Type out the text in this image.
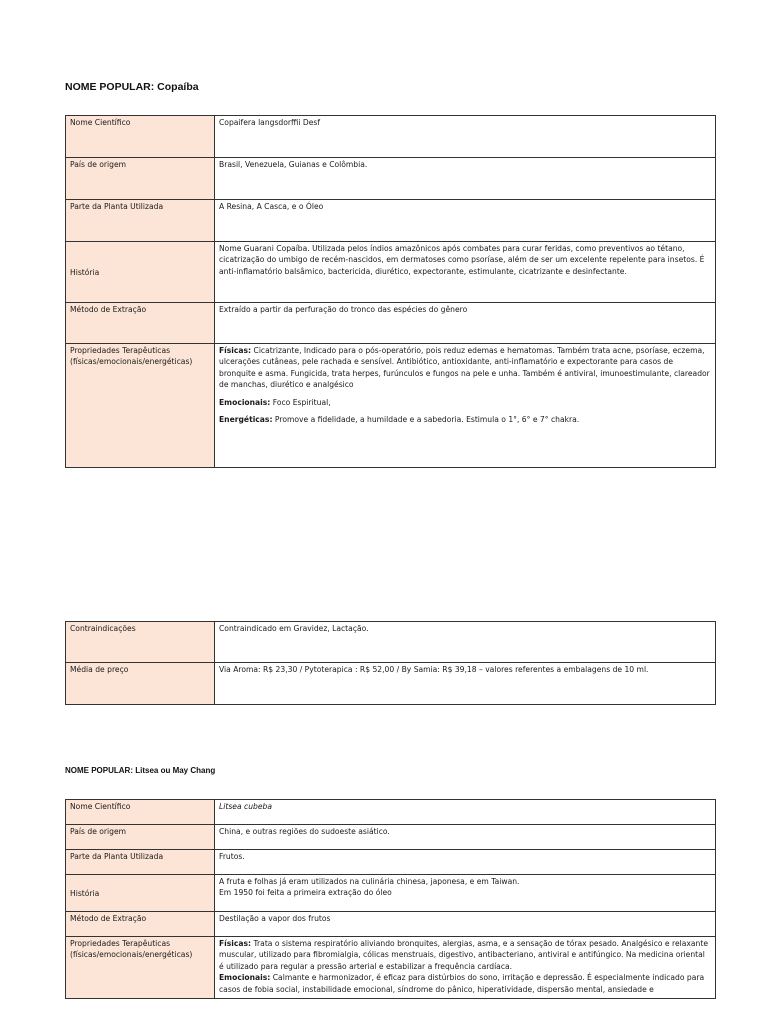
NOME POPULAR: Copaíba
Nome Científico	Copaifera langsdorffii Desf
País de origem	Brasil, Venezuela, Guianas e Colômbia.
Parte da Planta Utilizada	A Resina, A Casca, e o Óleo
História	Nome Guarani Copaíba. Utilizada pelos índios amazônicos após combates para curar feridas, como preventivos ao tétano, cicatrização do umbigo de recém-nascidos, em dermatoses como psoríase, além de ser um excelente repelente para insetos. É anti-inflamatório balsâmico, bactericida, diurético, expectorante, estimulante, cicatrizante e desinfectante.
Método de Extração	Extraído a partir da perfuração do tronco das espécies do gênero
Propriedades Terapêuticas (físicas/emocionais/energéticas)	Físicas: Cicatrizante, Indicado para o pós-operatório, pois reduz edemas e hematomas. Também trata acne, psoríase, eczema, ulcerações cutâneas, pele rachada e sensível. Antibiótico, antioxidante, anti-inflamatório e expectorante para casos de bronquite e asma. Fungicida, trata herpes, furúnculos e fungos na pele e unha. Também é antiviral, imunoestimulante, clareador de manchas, diurético e analgésico

Emocionais: Foco Espiritual,

Energéticas: Promove a fidelidade, a humildade e a sabedoria. Estimula o 1°, 6° e 7° chakra.

Contraindicações	Contraindicado em Gravidez, Lactação.
Média de preço	Via Aroma: R$ 23,30 / Pytoterapica : R$ 52,00 / By Samia: R$ 39,18 – valores referentes a embalagens de 10 ml.
NOME POPULAR: Litsea ou May Chang
Nome Científico	Litsea cubeba
País de origem	China, e outras regiões do sudoeste asiático.
Parte da Planta Utilizada	Frutos.
História	A fruta e folhas já eram utilizados na culinária chinesa, japonesa, e em Taiwan.

Em 1950 foi feita a primeira extração do óleo

Método de Extração	Destilação a vapor dos frutos
Propriedades Terapêuticas (físicas/emocionais/energéticas)	Físicas: Trata o sistema respiratório aliviando bronquites, alergias, asma, e a sensação de tórax pesado. Analgésico e relaxante muscular, utilizado para fibromialgia, cólicas menstruais, digestivo, antibacteriano, antiviral e antifúngico. Na medicina oriental é utilizado para regular a pressão arterial e estabilizar a frequência cardíaca.

Emocionais: Calmante e harmonizador, é eficaz para distúrbios do sono, irritação e depressão. É especialmente indicado para casos de fobia social, instabilidade emocional, síndrome do pânico, hiperatividade, dispersão mental, ansiedade e
